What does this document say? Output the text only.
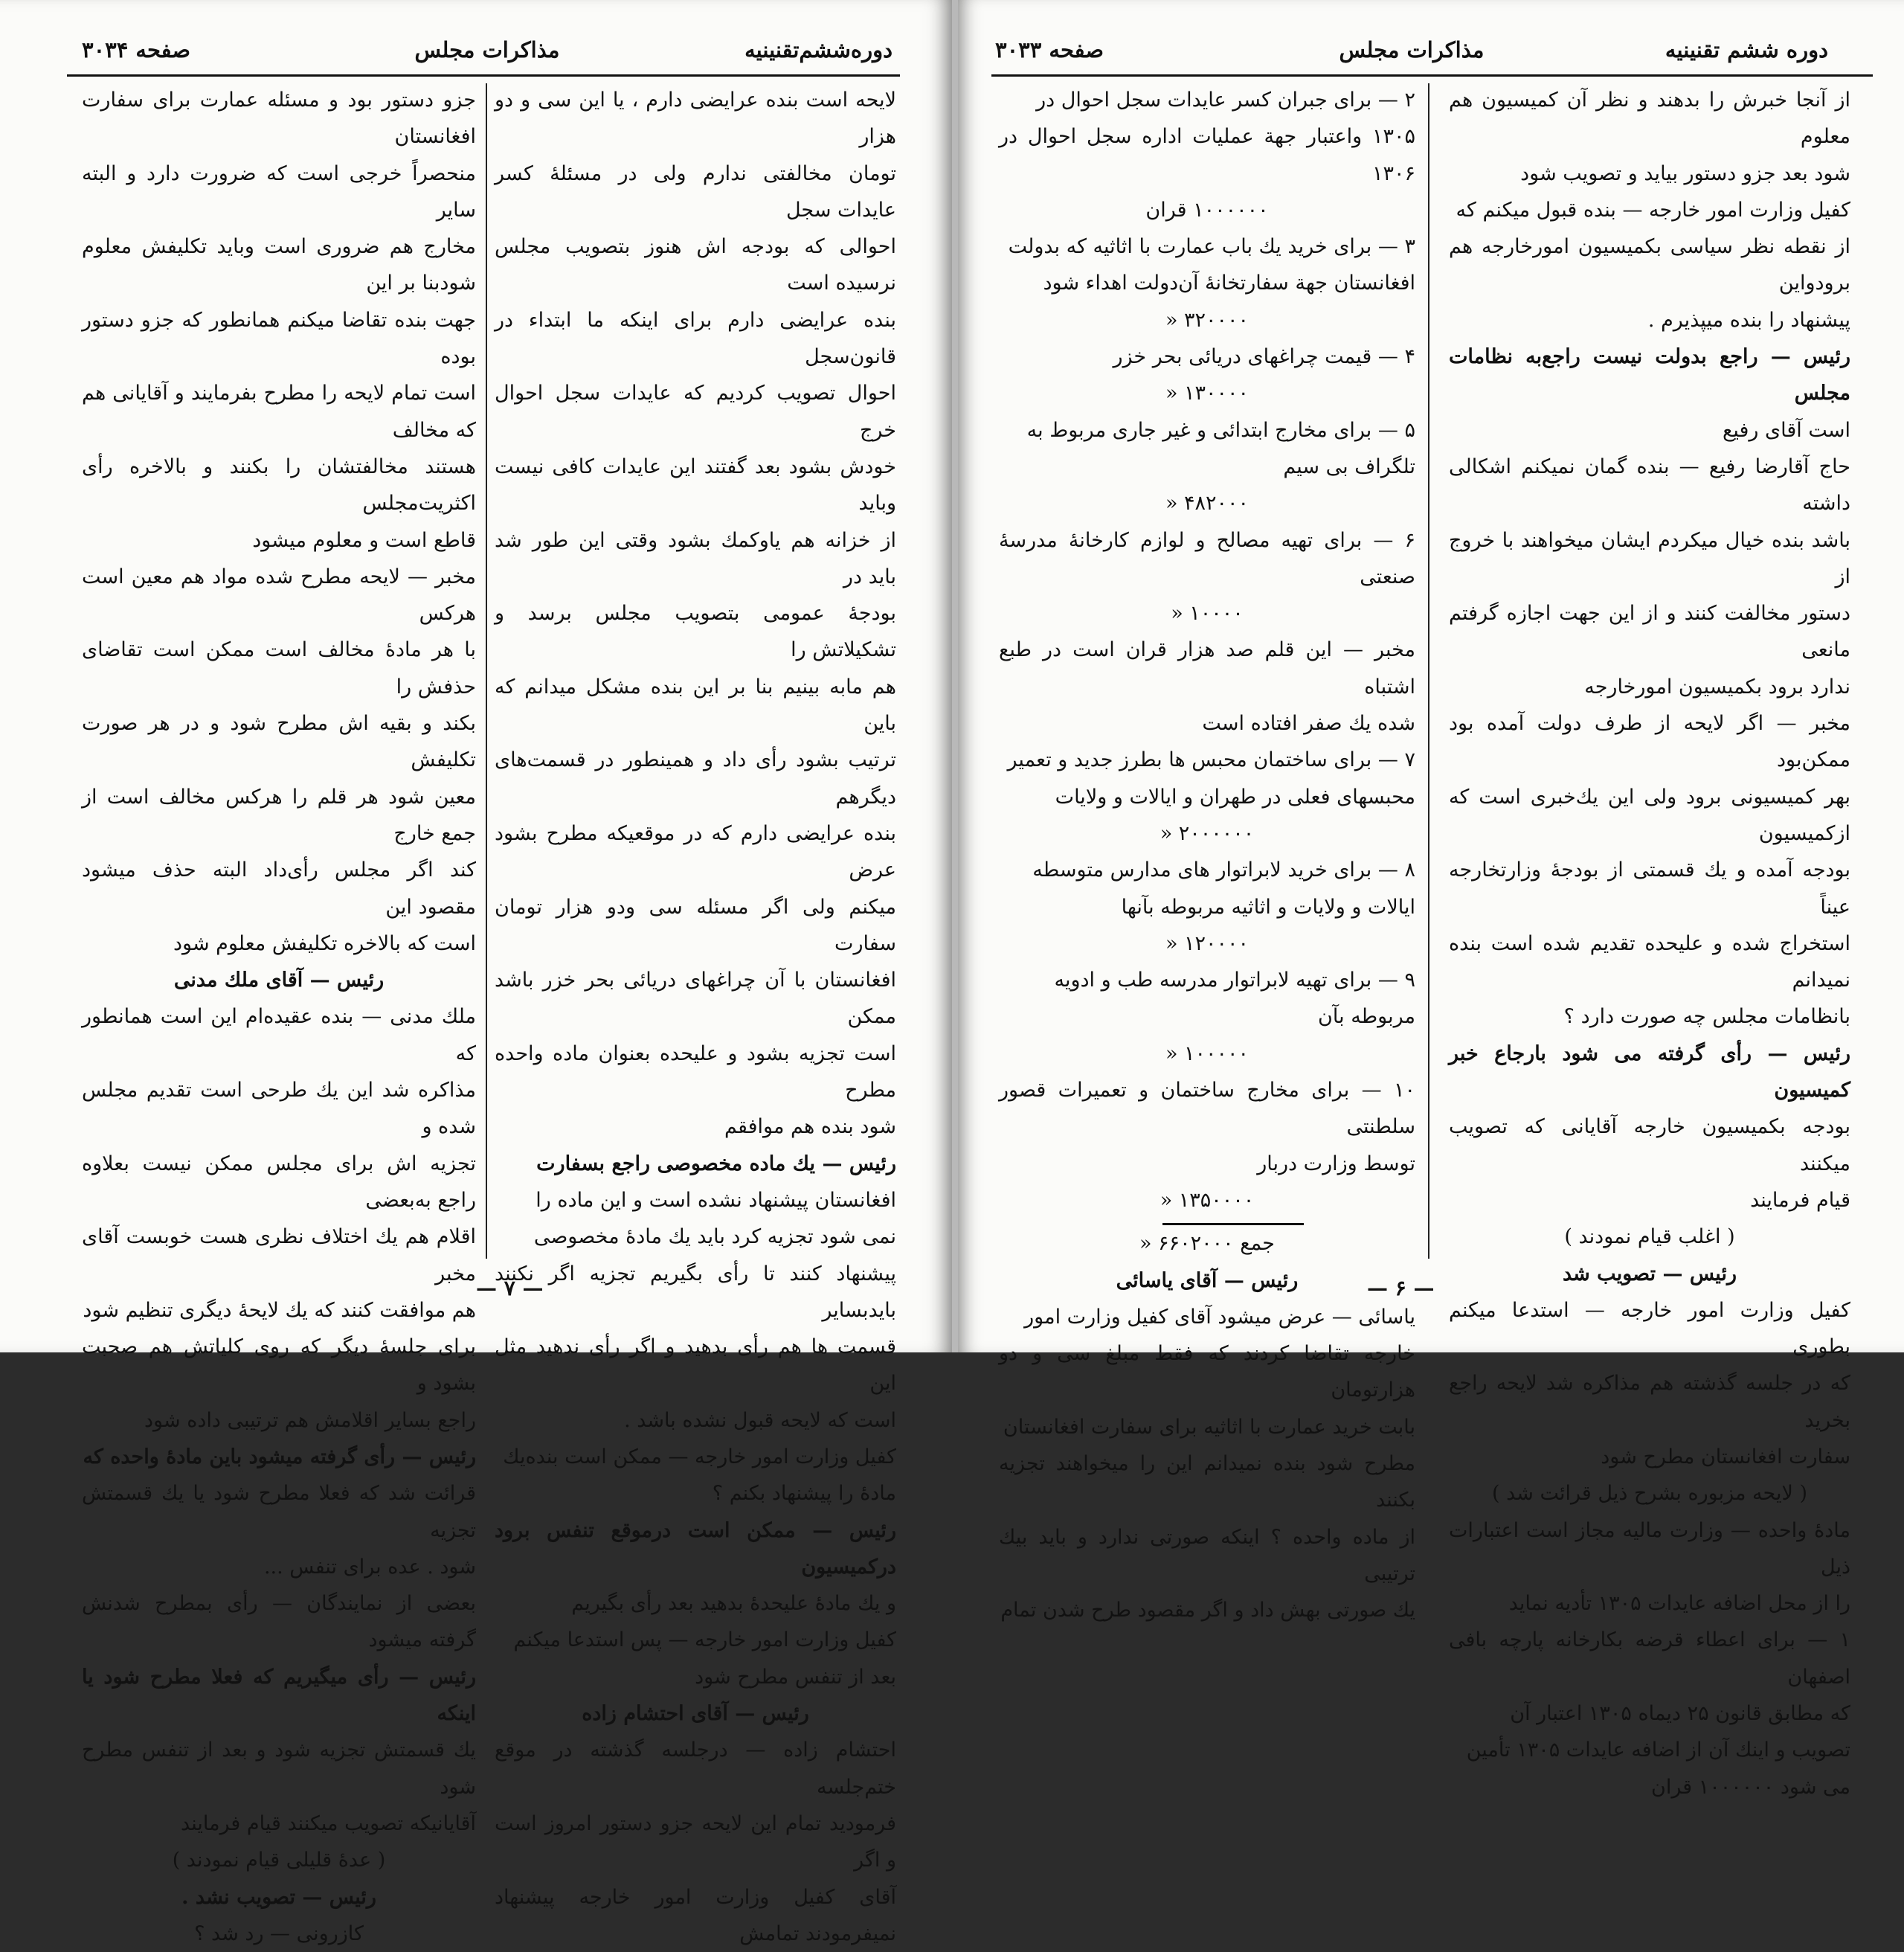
دوره‌ششم‌تقنینیه
مذاکرات مجلس
صفحه ۳۰۳۴

لایحه است بنده عرایضی دارم ، یا این سی و دو هزار

تومان مخالفتی ندارم ولی در مسئلهٔ کسر عایدات سجل

احوالی که بودجه اش هنوز بتصویب مجلس نرسیده است

بنده عرایضی دارم برای اینکه ما ابتداء در قانون‌سجل

احوال تصویب کردیم که عایدات سجل احوال خرج

خودش بشود بعد گفتند این عایدات کافی نیست وباید

از خزانه هم یاوکمك بشود وقتی این طور شد باید در

بودجهٔ عمومی بتصویب مجلس برسد و تشکیلاتش را

هم مابه بینیم بنا بر این بنده مشکل میدانم که باین

ترتیب بشود رأی داد و همینطور در قسمت‌های دیگرهم

بنده عرایضی دارم که در موقعیکه مطرح بشود عرض

میکنم ولی اگر مسئله سی ودو هزار تومان سفارت

افغانستان با آن چراغهای دریائی بحر خزر باشد ممکن

است تجزیه بشود و علیحده بعنوان ماده واحده مطرح

شود بنده هم موافقم

رئیس — یك ماده مخصوصی راجع بسفارت

افغانستان پیشنهاد نشده است و این ماده را

نمی شود تجزیه کرد باید یك مادهٔ مخصوصی

پیشنهاد کنند تا رأی بگیریم تجزیه اگر نکنند بایدبسایر

قسمت ها هم رأی بدهید و اگر رأی ندهید مثل این

است که لایحه قبول نشده باشد .

کفیل وزارت امور خارجه — ممکن است بنده‌یك

مادهٔ را پیشنهاد بکنم ؟

رئیس — ممکن است درموقع تنفس برود درکمیسیون

و یك مادهٔ علیحدهٔ بدهید بعد رأی بگیریم

کفیل وزارت امور خارجه — پس استدعا میکنم

بعد از تنفس مطرح شود

رئیس — آقای احتشام زاده

احتشام زاده — درجلسه گذشته در موقع ختم‌جلسه

فرمودید تمام این لایحه جزو دستور امروز است و اگر

آقای کفیل وزارت امور خارجه پیشنهاد نمیفرمودند تمامش

جزو دستور بود و مسئله عمارت برای سفارت افغانستان

منحصراً خرجی است که ضرورت دارد و البته سایر

مخارج هم ضروری است وباید تکلیفش معلوم شود‌بنا بر این

جهت بنده تقاضا میکنم همانطور که جزو دستور بوده

است تمام لایحه را مطرح بفرمایند و آقایانی هم که مخالف

هستند مخالفتشان را بکنند و بالاخره رأی اکثریت‌مجلس

قاطع است و معلوم میشود

مخبر — لایحه مطرح شده مواد هم معین است هرکس

با هر مادهٔ مخالف است ممکن است تقاضای حذفش را

بکند و بقیه اش مطرح شود و در هر صورت تکلیفش

معین شود هر قلم را هرکس مخالف است از جمع خارج

کند اگر مجلس رأی‌داد البته حذف میشود مقصود این

است که بالاخره تکلیفش معلوم شود

رئیس — آقای ملك مدنی

ملك مدنی — بنده عقیده‌ام این است همانطور که

مذاکره شد این یك طرحی است تقدیم مجلس شده و

تجزیه اش برای مجلس ممکن نیست بعلاوه راجع به‌بعضی

اقلام هم یك اختلاف نظری هست خوبست آقای مخبر

هم موافقت کنند که یك لایحهٔ دیگری تنظیم شود

برای جلسهٔ دیگر که روی کلیاتش هم صحبت بشود و

راجع بسایر اقلامش هم ترتیبی داده شود

رئیس — رأی گرفته میشود باین مادهٔ واحده که

قرائت شد که فعلا مطرح شود یا یك قسمتش تجزیه

شود . عده برای تنفس ...

بعضی از نمایندگان — رأی بمطرح شدنش گرفته میشود

رئیس — رأی میگیریم که فعلا مطرح شود یا اینکه

یك قسمتش تجزیه شود و بعد از تنفس مطرح شود

آقایانیکه تصویب میکنند قیام فرمایند

( عدهٔ قلیلی قیام نمودند )

رئیس — تصویب نشد .

کازرونی — رد شد ؟

— ۷ —
دوره ششم تقنینیه
مذاکرات مجلس
صفحه ۳۰۳۳

از آنجا خبرش را بدهند و نظر آن کمیسیون هم معلوم

شود بعد جزو دستور بیاید و تصویب شود

کفیل وزارت امور خارجه — بنده قبول میکنم که

از نقطه نظر سیاسی بکمیسیون امورخارجه هم برودواین

پیشنهاد را بنده میپذیرم .

رئیس — راجع بدولت نیست راجع‌به نظامات مجلس

است آقای رفیع

حاج آقارضا رفیع — بنده گمان نمیکنم اشکالی داشته

باشد بنده خیال میکردم ایشان میخواهند با خروج از

دستور مخالفت کنند و از این جهت اجازه گرفتم مانعی

ندارد برود بکمیسیون امورخارجه

مخبر — اگر لایحه از طرف دولت آمده بود ممکن‌بود

بهر کمیسیونی برود ولی این یك‌خبری است که ازکمیسیون

بودجه آمده و یك قسمتی از بودجهٔ وزارتخارجه عیناً

استخراج شده و علیحده تقدیم شده است بنده نمیدانم

بانظامات مجلس چه صورت دارد ؟

رئیس — رأی گرفته می شود بارجاع خبر کمیسیون

بودجه بکمیسیون خارجه آقایانی که تصویب میکنند

قیام فرمایند

( اغلب قیام نمودند )

رئیس — تصویب شد

کفیل وزارت امور خارجه — استدعا میکنم بطوری

که در جلسه گذشته هم مذاکره شد لایحه راجع بخرید

سفارت افغانستان مطرح شود

( لایحه مزبوره بشرح ذیل قرائت شد )

مادهٔ واحده — وزارت مالیه مجاز است اعتبارات ذیل

را از محل اضافه عایدات ۱۳۰۵ تأدیه نماید

۱ — برای اعطاء قرضه بکارخانه پارچه بافی اصفهان

که مطابق قانون ۲۵ دیماه ۱۳۰۵ اعتبار آن

تصویب و اینك آن از اضافه عایدات ۱۳۰۵ تأمین

می شود ۱۰۰۰۰۰۰ قران

۲ — برای جبران کسر عایدات سجل احوال در

۱۳۰۵ واعتبار جهة عملیات اداره سجل احوال در ۱۳۰۶

۱۰۰۰۰۰۰ قران

۳ — برای خرید یك باب عمارت با اثاثیه که بدولت

افغانستان جهة سفارتخانهٔ آن‌دولت اهداء شود

۳۲۰۰۰۰ «

۴ — قیمت چراغهای دریائی بحر خزر

۱۳۰۰۰۰ «

۵ — برای مخارج ابتدائی و غیر جاری مربوط به

تلگراف بی سیم

۴۸۲۰۰۰ «

۶ — برای تهیه مصالح و لوازم کارخانهٔ مدرسهٔ صنعتی

۱۰۰۰۰ «

مخبر — این قلم صد هزار قران است در طبع اشتباه

شده یك صفر افتاده است

۷ — برای ساختمان محبس ها بطرز جدید و تعمیر

محبسهای فعلی در طهران و ایالات و ولایات

۲۰۰۰۰۰۰ «

۸ — برای خرید لابراتوار های مدارس متوسطه

ایالات و ولایات و اثاثیه مربوطه بآنها

۱۲۰۰۰۰ «

۹ — برای تهیه لابراتوار مدرسه طب و ادویه

مربوطه بآن

۱۰۰۰۰۰ «

۱۰ — برای مخارج ساختمان و تعمیرات قصور سلطنتی

توسط وزارت دربار

۱۳۵۰۰۰۰ «

جمع ۶۶۰۲۰۰۰ «

رئیس — آقای یاسائی

یاسائی — عرض میشود آقای کفیل وزارت امور

خارجه تقاضا کردند که فقط مبلغ سی و دو هزارتومان

بابت خرید عمارت با اثاثیه برای سفارت افغانستان

مطرح شود بنده نمیدانم این را میخواهند تجزیه بکنند

از ماده واحده ؟ اینکه صورتی ندارد و باید بیك ترتیبی

یك صورتی بهش داد و اگر مقصود طرح شدن تمام

— ۶ —
